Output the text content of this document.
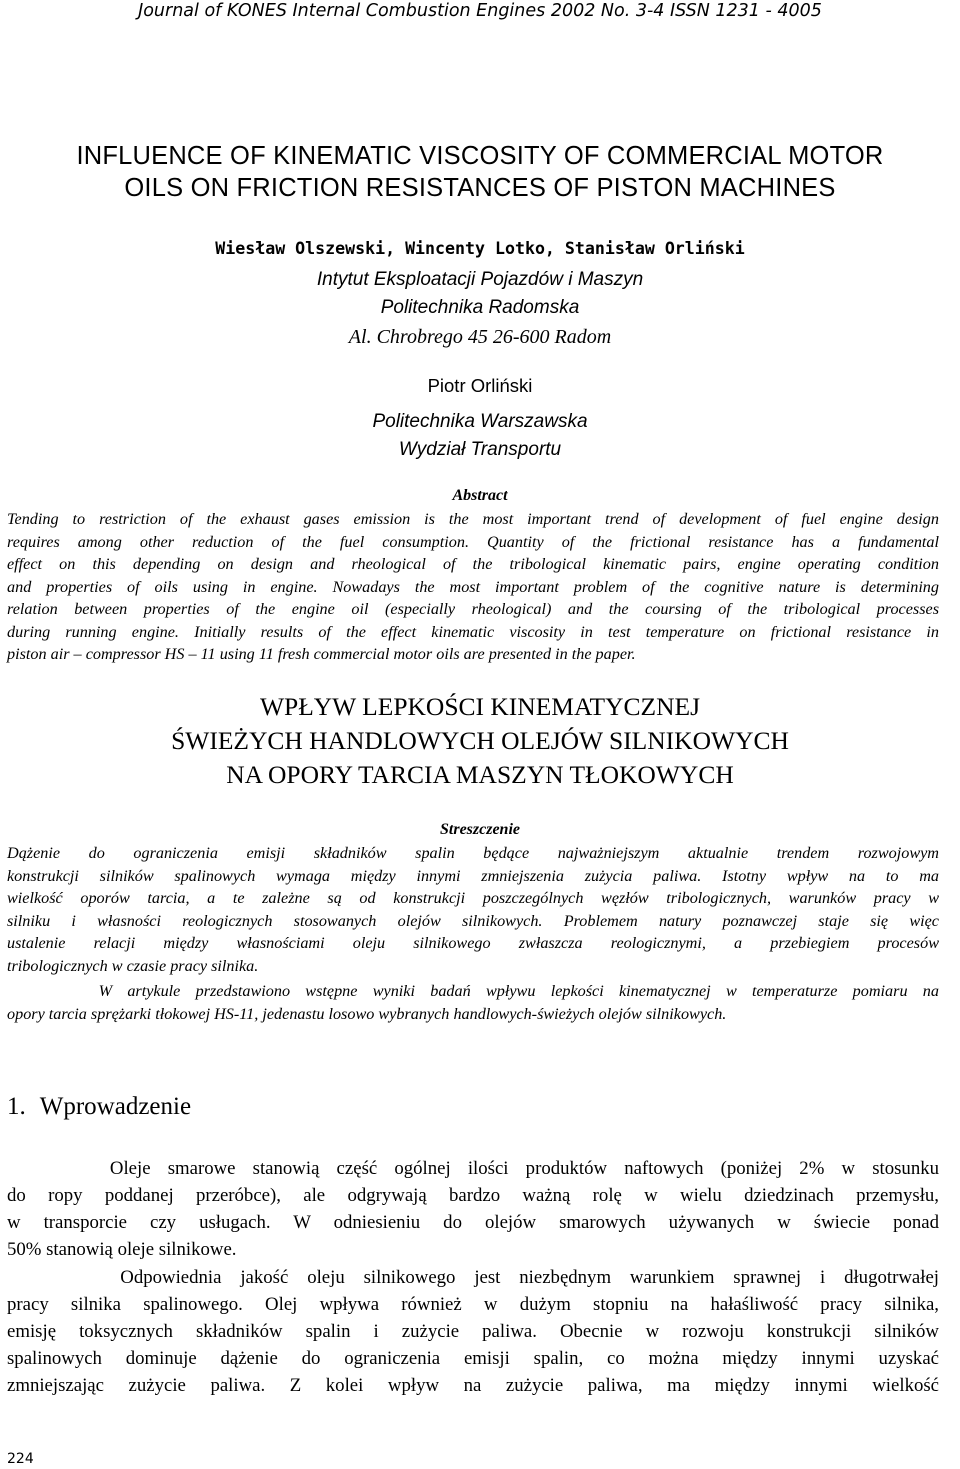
Journal of KONES Internal Combustion Engines 2002 No. 3-4 ISSN 1231 - 4005
INFLUENCE OF KINEMATIC VISCOSITY OF COMMERCIAL MOTOR
OILS ON FRICTION RESISTANCES OF PISTON MACHINES
Wiesław Olszewski, Wincenty Lotko, Stanisław Orliński
Intytut Eksploatacji Pojazdów i Maszyn
Politechnika Radomska
Al. Chrobrego 45 26-600 Radom
Piotr Orliński
Politechnika Warszawska
Wydział Transportu
Abstract
Tending to restriction of the exhaust gases emission is the most important trend of development of fuel engine design
requires among other reduction of the fuel consumption. Quantity of the frictional resistance has a fundamental
effect on this depending on design and rheological of the tribological kinematic pairs, engine operating condition
and properties of oils using in engine. Nowadays the most important problem of the cognitive nature is determining
relation between properties of the engine oil (especially rheological) and the coursing of the tribological processes
during running engine. Initially results of the effect kinematic viscosity in test temperature on frictional resistance in
piston air – compressor HS – 11 using 11 fresh commercial motor oils are presented in the paper.
WPŁYW LEPKOŚCI KINEMATYCZNEJ
ŚWIEŻYCH HANDLOWYCH OLEJÓW SILNIKOWYCH
NA OPORY TARCIA MASZYN TŁOKOWYCH
Streszczenie
Dążenie do ograniczenia emisji składników spalin będące najważniejszym aktualnie trendem rozwojowym
konstrukcji silników spalinowych wymaga między innymi zmniejszenia zużycia paliwa. Istotny wpływ na to ma
wielkość oporów tarcia, a te zależne są od konstrukcji poszczególnych węzłów tribologicznych, warunków pracy w
silniku i własności reologicznych stosowanych olejów silnikowych. Problemem natury poznawczej staje się więc
ustalenie relacji między własnościami oleju silnikowego zwłaszcza reologicznymi, a przebiegiem procesów
tribologicznych w czasie pracy silnika.
W artykule przedstawiono wstępne wyniki badań wpływu lepkości kinematycznej w temperaturze pomiaru na
opory tarcia sprężarki tłokowej HS-11, jedenastu losowo wybranych handlowych-świeżych olejów silnikowych.
1. Wprowadzenie
Oleje smarowe stanowią część ogólnej ilości produktów naftowych (poniżej 2% w stosunku
do ropy poddanej przeróbce), ale odgrywają bardzo ważną rolę w wielu dziedzinach przemysłu,
w transporcie czy usługach. W odniesieniu do olejów smarowych używanych w świecie ponad
50% stanowią oleje silnikowe.
Odpowiednia jakość oleju silnikowego jest niezbędnym warunkiem sprawnej i długotrwałej
pracy silnika spalinowego. Olej wpływa również w dużym stopniu na hałaśliwość pracy silnika,
emisję toksycznych składników spalin i zużycie paliwa. Obecnie w rozwoju konstrukcji silników
spalinowych dominuje dążenie do ograniczenia emisji spalin, co można między innymi uzyskać
zmniejszając zużycie paliwa. Z kolei wpływ na zużycie paliwa, ma między innymi wielkość
224
